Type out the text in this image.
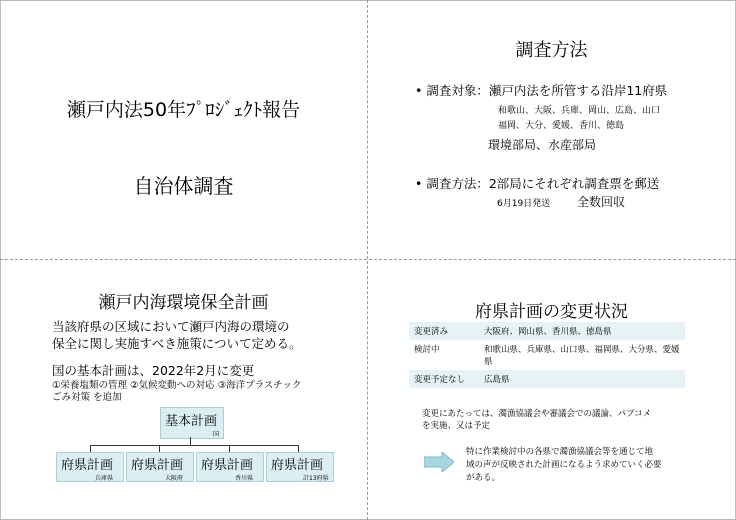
瀬戸内法50年ﾌﾟﾛｼﾞｪｸﾄ報告
自治体調査
調査方法
• 調査対象：瀬戸内法を所管する沿岸11府県
和歌山、大阪、兵庫、岡山、広島、山口
福岡、大分、愛媛、香川、徳島
環境部局、水産部局
• 調査方法：2部局にそれぞれ調査票を郵送
6月19日発送 全数回収
瀬戸内海環境保全計画
当該府県の区域において瀬戸内海の環境の
保全に関し実施すべき施策について定める。
国の基本計画は、2022年2月に変更
①栄養塩類の管理 ②気候変動への対応 ③海洋プラスチック
ごみ対策 を追加
基本計画
国
府県計画
兵庫県
府県計画
大阪府
府県計画
香川県
府県計画
計13府県
府県計画の変更状況
変更済み	大阪府、岡山県、香川県、徳島県
検討中	和歌山県、兵庫県、山口県、福岡県、大分県、愛媛県
変更予定なし	広島県
変更にあたっては、濁漁協議会や審議会での議論、パブコメ
を実施、又は予定
特に作業検討中の各県で濁漁協議会等を通じて地
域の声が反映された計画になるよう求めていく必要
がある。
